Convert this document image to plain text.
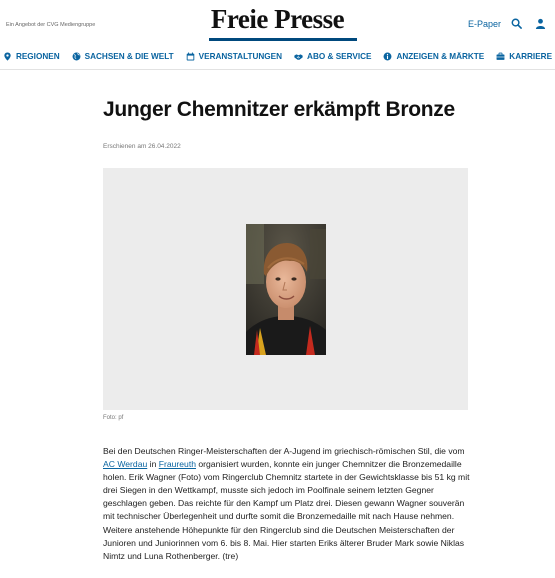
Ein Angebot der CVG Mediengruppe	Freie Presse	E-Paper
REGIONEN	SACHSEN & DIE WELT	VERANSTALTUNGEN	ABO & SERVICE	ANZEIGEN & MÄRKTE	KARRIERE
Junger Chemnitzer erkämpft Bronze
Erschienen am 26.04.2022
Foto: pf

Bei den Deutschen Ringer-Meisterschaften der A-Jugend im griechisch-römischen Stil, die vom AC Werdau in Fraureuth organisiert wurden, konnte ein junger Chemnitzer die Bronzemedaille holen. Erik Wagner (Foto) vom Ringerclub Chemnitz startete in der Gewichtsklasse bis 51 kg mit drei Siegen in den Wettkampf, musste sich jedoch im Poolfinale seinem letzten Gegner geschlagen geben. Das reichte für den Kampf um Platz drei. Diesen gewann Wagner souverän mit technischer Überlegenheit und durfte somit die Bronzemedaille mit nach Hause nehmen. Weitere anstehende Höhepunkte für den Ringerclub sind die Deutschen Meisterschaften der Junioren und Juniorinnen vom 6. bis 8. Mai. Hier starten Eriks älterer Bruder Mark sowie Niklas Nimtz und Luna Rothenberger. (tre)
